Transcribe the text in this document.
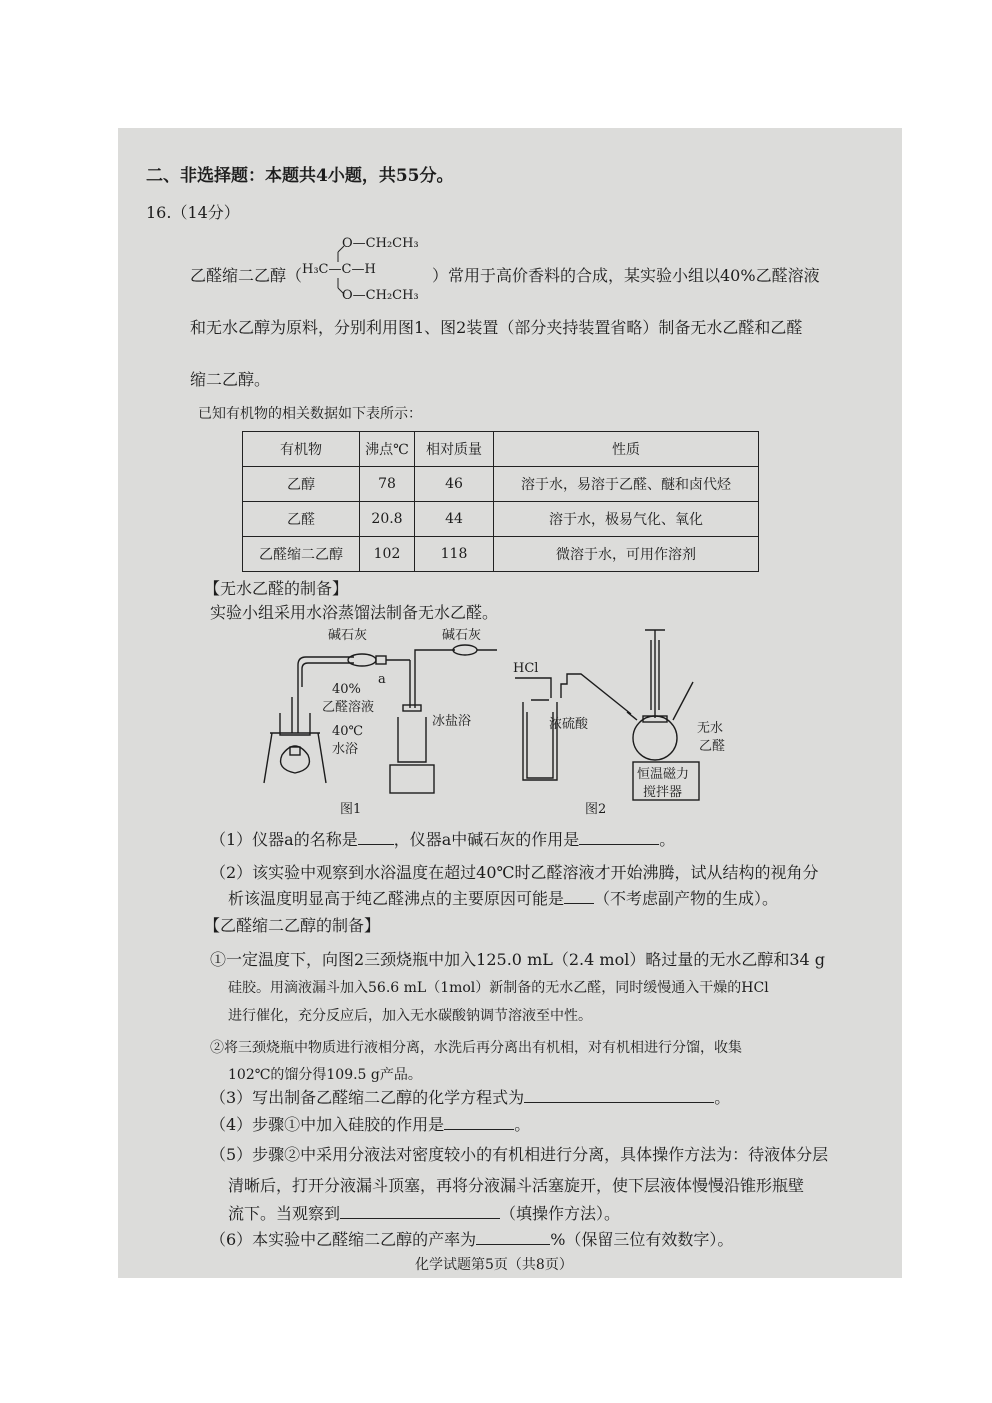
二、非选择题：本题共4小题，共55分。
16.（14分）
乙醛缩二乙醇（
O—CH₂CH₃
H₃C—C—H
O—CH₂CH₃
）常用于高价香料的合成，某实验小组以40%乙醛溶液
和无水乙醇为原料，分别利用图1、图2装置（部分夹持装置省略）制备无水乙醛和乙醛
缩二乙醇。
已知有机物的相关数据如下表所示：
有机物	沸点℃	相对质量	性质
乙醇	78	46	溶于水，易溶于乙醛、醚和卤代烃
乙醛	20.8	44	溶于水，极易气化、氧化
乙醛缩二乙醇	102	118	微溶于水，可用作溶剂
【无水乙醛的制备】
实验小组采用水浴蒸馏法制备无水乙醛。
碱石灰	碱石灰
a
40%
乙醛溶液
40℃
水浴
冰盐浴
图1
HCl
浓硫酸	无水
乙醛
恒温磁力
搅拌器
图2
（1）仪器a的名称是 ，仪器a中碱石灰的作用是	。
（2）该实验中观察到水浴温度在超过40℃时乙醛溶液才开始沸腾，试从结构的视角分
析该温度明显高于纯乙醛沸点的主要原因可能是 （不考虑副产物的生成）。
【乙醛缩二乙醇的制备】
①一定温度下，向图2三颈烧瓶中加入125.0 mL（2.4 mol）略过量的无水乙醇和34 g
硅胶。用滴液漏斗加入56.6 mL（1mol）新制备的无水乙醛，同时缓慢通入干燥的HCl
进行催化，充分反应后，加入无水碳酸钠调节溶液至中性。
②将三颈烧瓶中物质进行液相分离，水洗后再分离出有机相，对有机相进行分馏，收集
102℃的馏分得109.5 g产品。
（3）写出制备乙醛缩二乙醇的化学方程式为	。
（4）步骤①中加入硅胶的作用是	。
（5）步骤②中采用分液法对密度较小的有机相进行分离，具体操作方法为：待液体分层
清晰后，打开分液漏斗顶塞，再将分液漏斗活塞旋开，使下层液体慢慢沿锥形瓶壁
流下。当观察到	（填操作方法）。
（6）本实验中乙醛缩二乙醇的产率为	%（保留三位有效数字）。
化学试题第5页（共8页）
